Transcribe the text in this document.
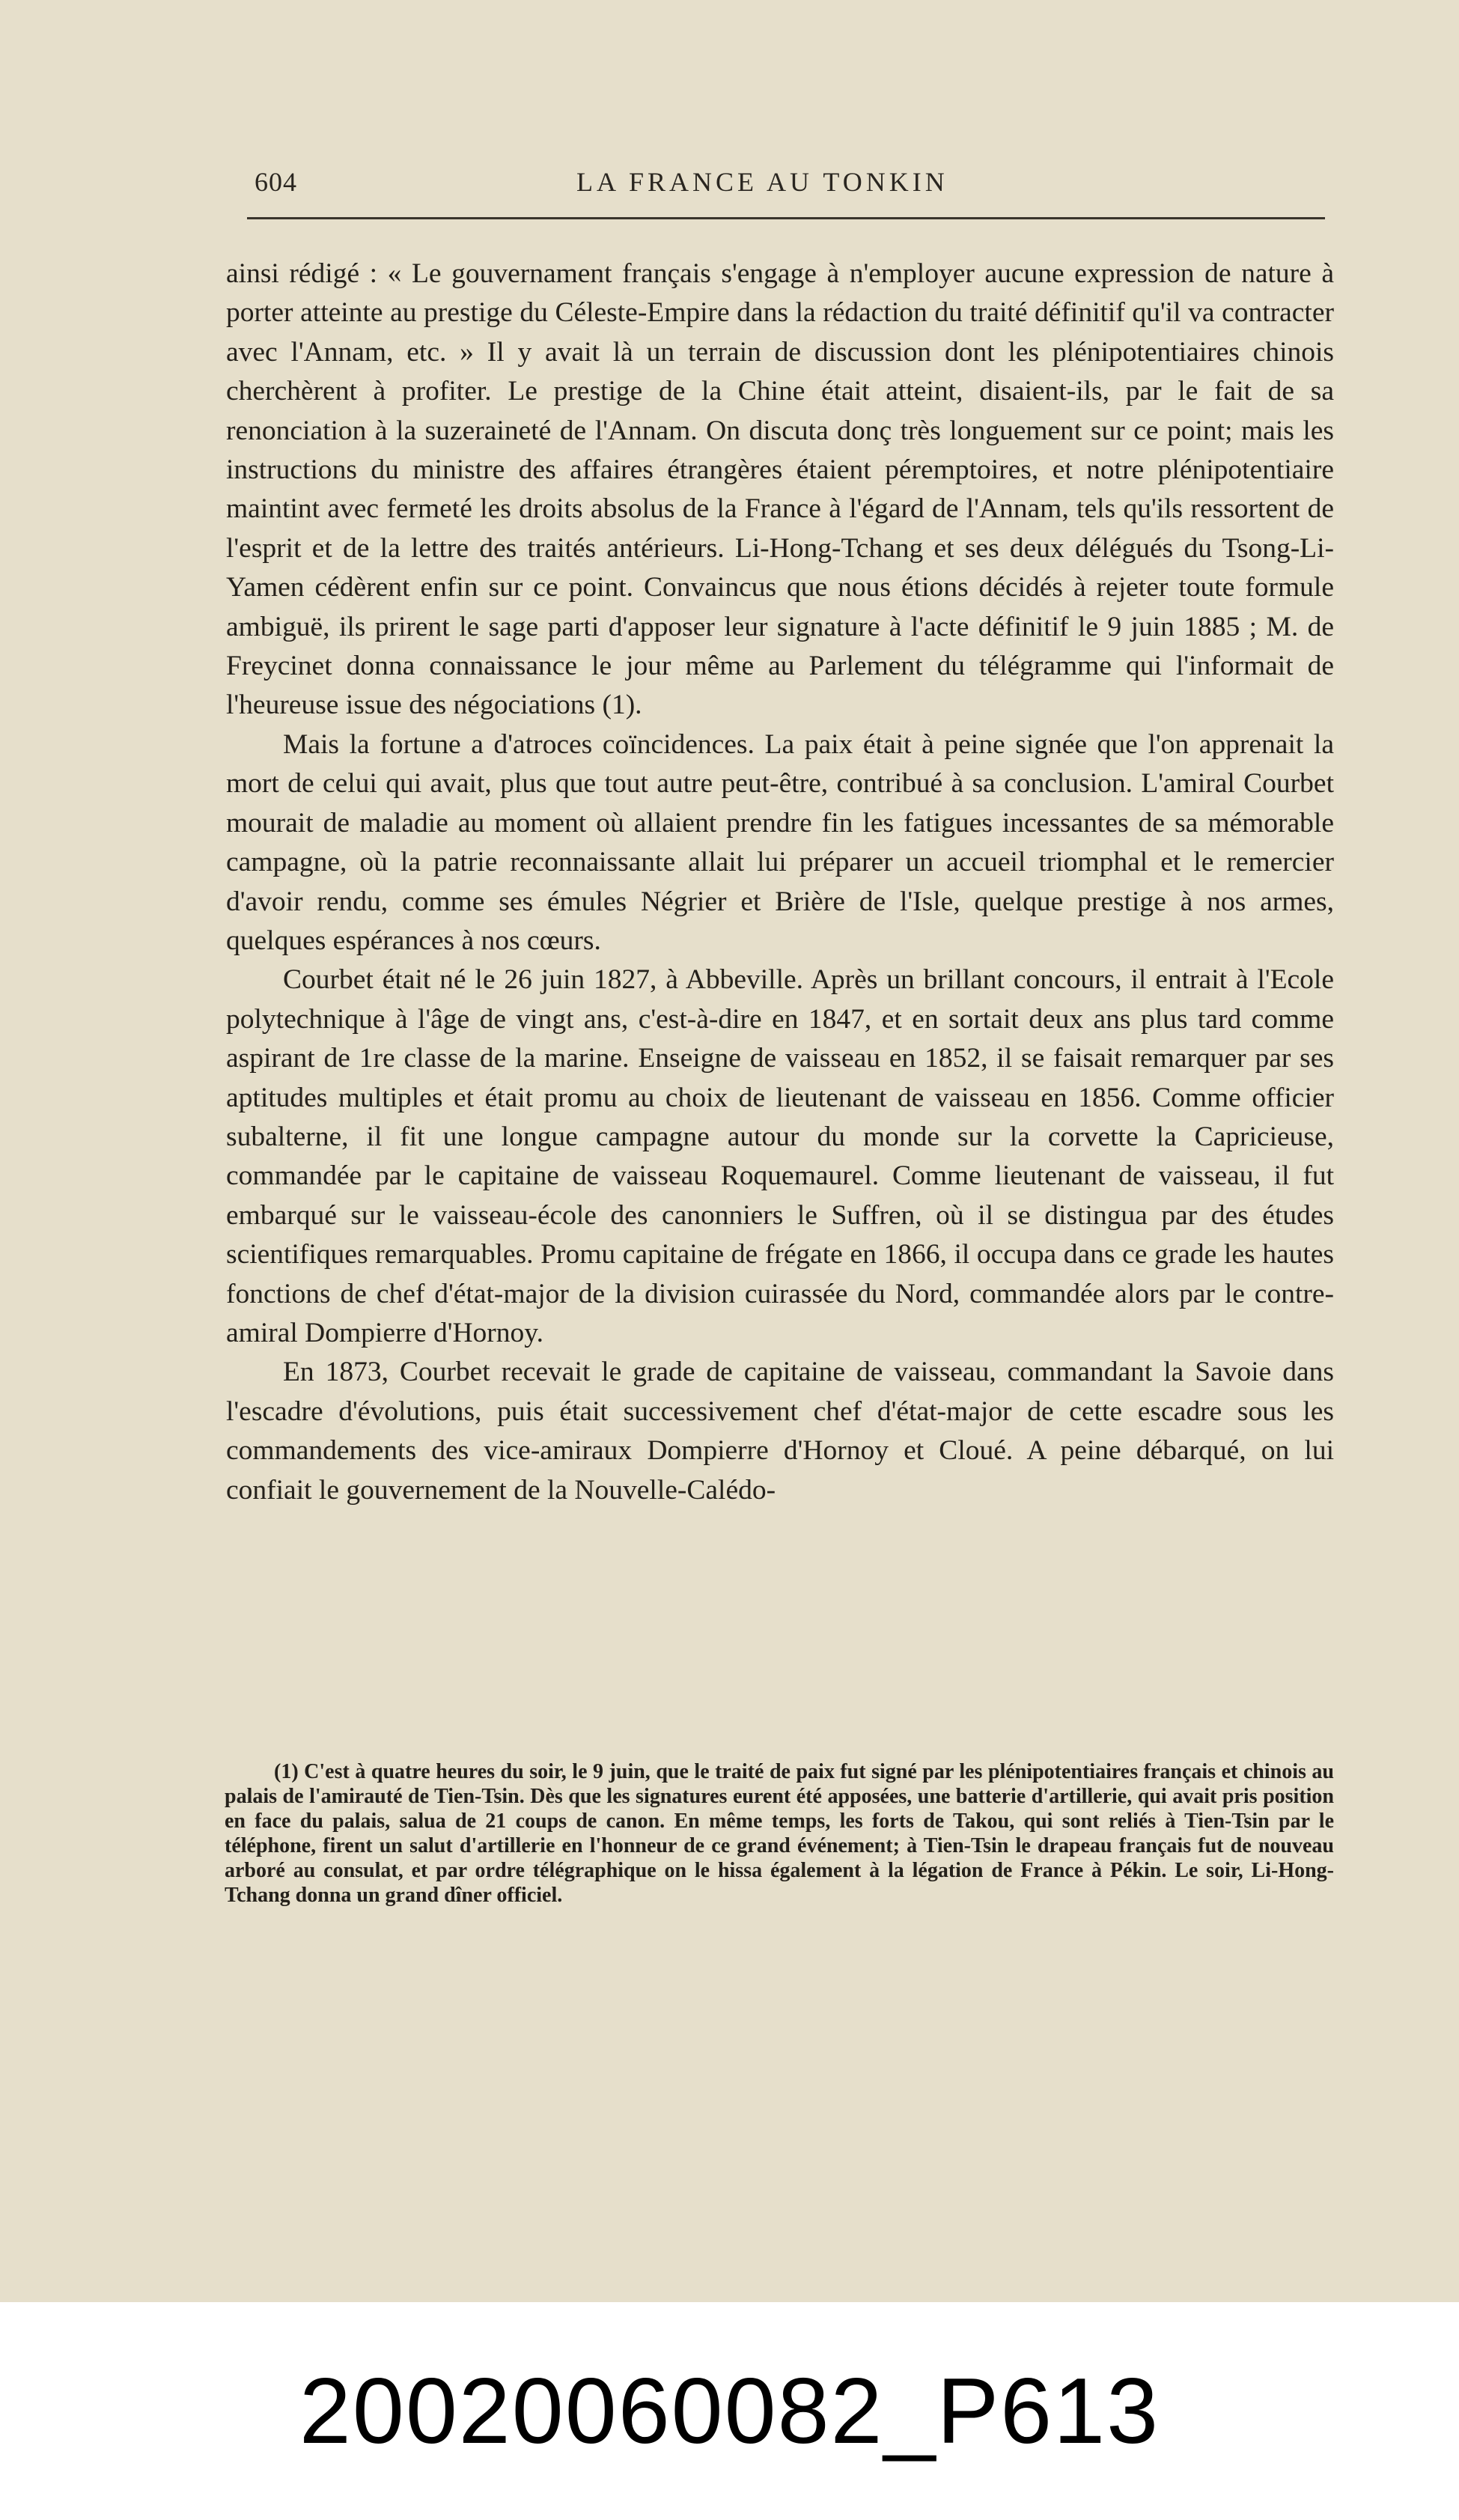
604	LA FRANCE AU TONKIN

ainsi rédigé : « Le gouvernament français s'engage à n'employer aucune expression de nature à porter atteinte au prestige du Céleste-Empire dans la rédaction du traité définitif qu'il va contracter avec l'Annam, etc. » Il y avait là un terrain de discussion dont les plénipotentiaires chinois cherchèrent à profiter. Le prestige de la Chine était atteint, disaient-ils, par le fait de sa renonciation à la suzeraineté de l'Annam. On discuta donç très longuement sur ce point; mais les instructions du ministre des affaires étrangères étaient péremptoires, et notre plénipotentiaire maintint avec fermeté les droits absolus de la France à l'égard de l'Annam, tels qu'ils ressortent de l'esprit et de la lettre des traités antérieurs. Li-Hong-Tchang et ses deux délégués du Tsong-Li-Yamen cédèrent enfin sur ce point. Convaincus que nous étions décidés à rejeter toute formule ambiguë, ils prirent le sage parti d'apposer leur signature à l'acte définitif le 9 juin 1885 ; M. de Freycinet donna connaissance le jour même au Parlement du télégramme qui l'informait de l'heureuse issue des négociations (1).

Mais la fortune a d'atroces coïncidences. La paix était à peine signée que l'on apprenait la mort de celui qui avait, plus que tout autre peut-être, contribué à sa conclusion. L'amiral Courbet mourait de maladie au moment où allaient prendre fin les fatigues incessantes de sa mémorable campagne, où la patrie reconnaissante allait lui préparer un accueil triomphal et le remercier d'avoir rendu, comme ses émules Négrier et Brière de l'Isle, quelque prestige à nos armes, quelques espérances à nos cœurs.

Courbet était né le 26 juin 1827, à Abbeville. Après un brillant concours, il entrait à l'Ecole polytechnique à l'âge de vingt ans, c'est-à-dire en 1847, et en sortait deux ans plus tard comme aspirant de 1re classe de la marine. Enseigne de vaisseau en 1852, il se faisait remarquer par ses aptitudes multiples et était promu au choix de lieutenant de vaisseau en 1856. Comme officier subalterne, il fit une longue campagne autour du monde sur la corvette la Capricieuse, commandée par le capitaine de vaisseau Roquemaurel. Comme lieutenant de vaisseau, il fut embarqué sur le vaisseau-école des canonniers le Suffren, où il se distingua par des études scientifiques remarquables. Promu capitaine de frégate en 1866, il occupa dans ce grade les hautes fonctions de chef d'état-major de la division cuirassée du Nord, commandée alors par le contre-amiral Dompierre d'Hornoy.

En 1873, Courbet recevait le grade de capitaine de vaisseau, commandant la Savoie dans l'escadre d'évolutions, puis était successivement chef d'état-major de cette escadre sous les commandements des vice-amiraux Dompierre d'Hornoy et Cloué. A peine débarqué, on lui confiait le gouvernement de la Nouvelle-Calédo-

(1) C'est à quatre heures du soir, le 9 juin, que le traité de paix fut signé par les plénipotentiaires français et chinois au palais de l'amirauté de Tien-Tsin. Dès que les signatures eurent été apposées, une batterie d'artillerie, qui avait pris position en face du palais, salua de 21 coups de canon. En même temps, les forts de Takou, qui sont reliés à Tien-Tsin par le téléphone, firent un salut d'artillerie en l'honneur de ce grand événement; à Tien-Tsin le drapeau français fut de nouveau arboré au consulat, et par ordre télégraphique on le hissa également à la légation de France à Pékin. Le soir, Li-Hong-Tchang donna un grand dîner officiel.

20020060082_P613
